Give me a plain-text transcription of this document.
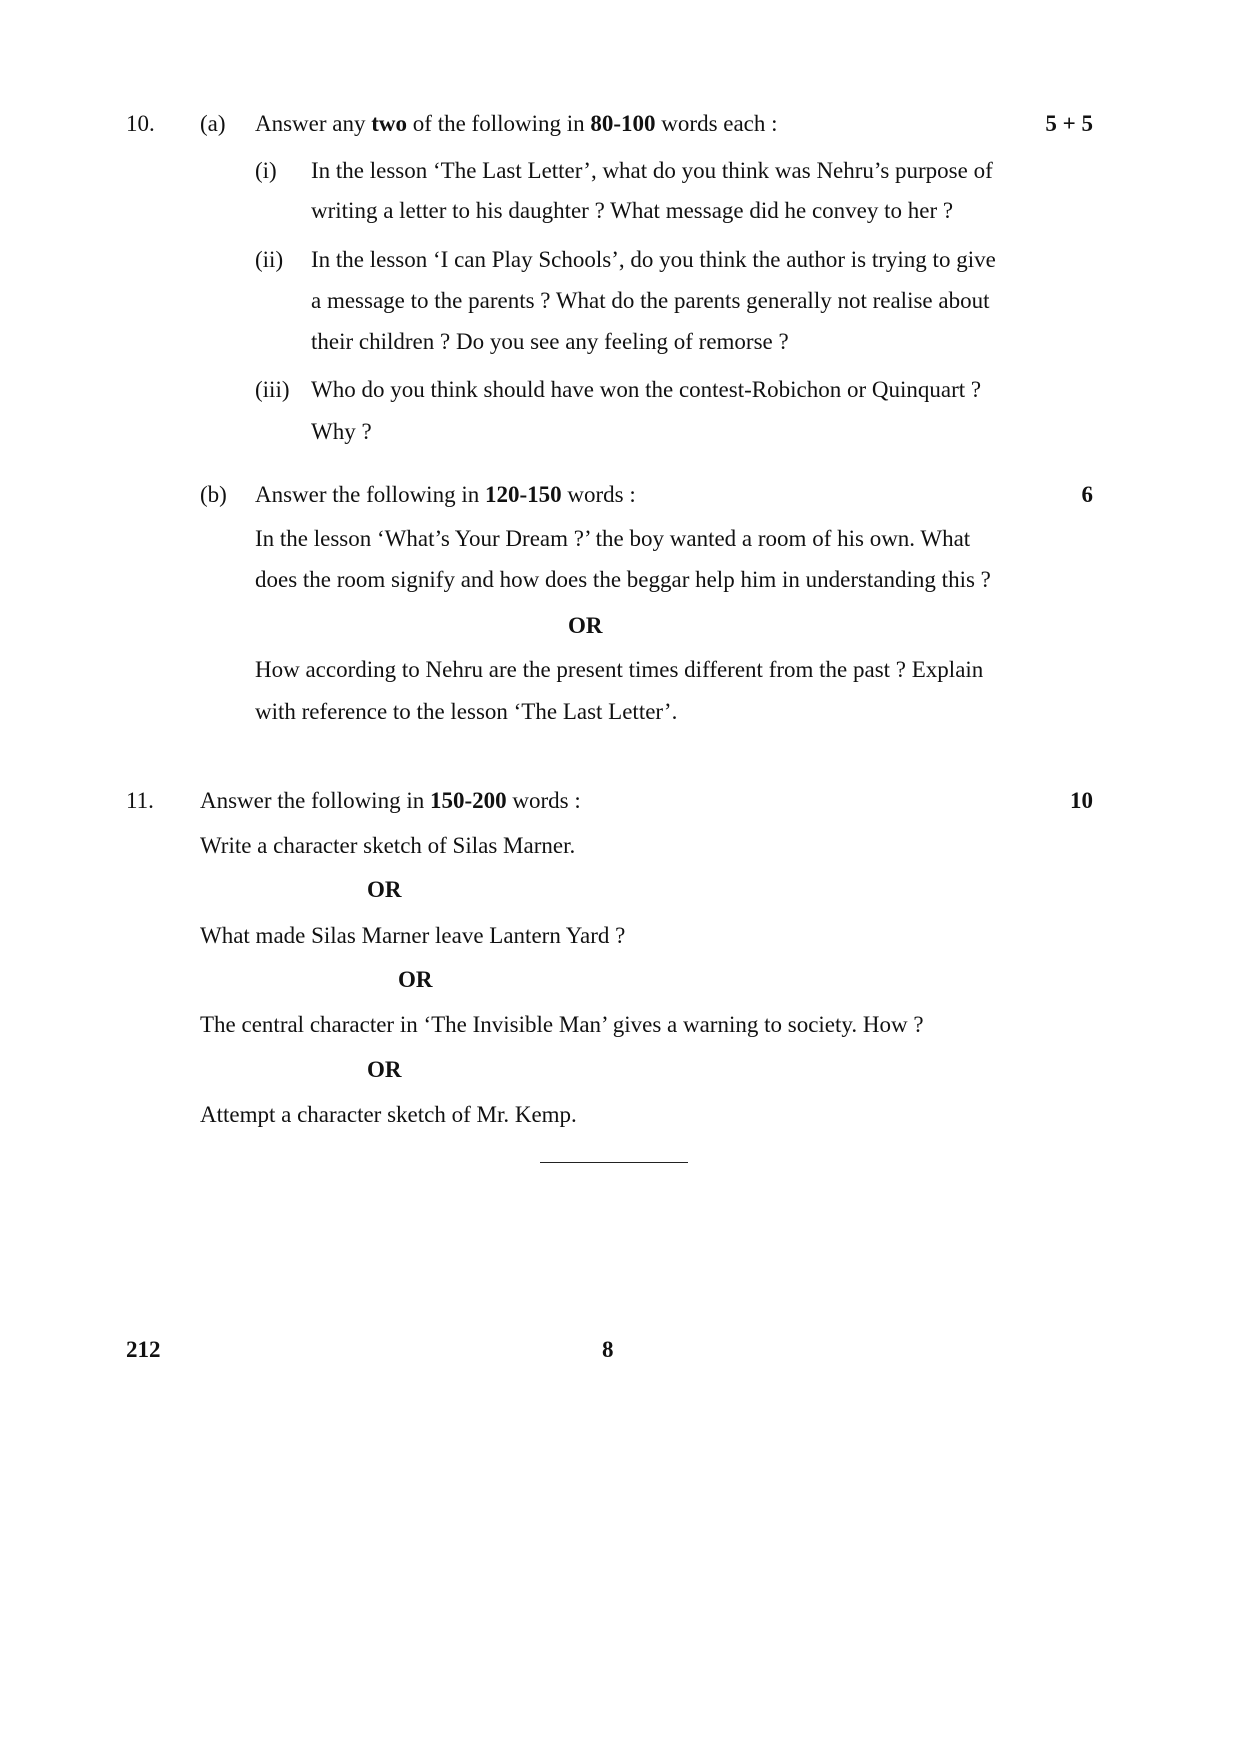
10. (a) Answer any two of the following in 80-100 words each :	5 + 5
(i) In the lesson ‘The Last Letter’, what do you think was Nehru’s purpose of
writing a letter to his daughter ? What message did he convey to her ?
(ii) In the lesson ‘I can Play Schools’, do you think the author is trying to give
a message to the parents ? What do the parents generally not realise about
their children ? Do you see any feeling of remorse ?
(iii) Who do you think should have won the contest-Robichon or Quinquart ?
Why ?
(b) Answer the following in 120-150 words :	6
In the lesson ‘What’s Your Dream ?’ the boy wanted a room of his own. What
does the room signify and how does the beggar help him in understanding this ?
OR
How according to Nehru are the present times different from the past ? Explain
with reference to the lesson ‘The Last Letter’.
11. Answer the following in 150-200 words :	10
Write a character sketch of Silas Marner.
OR
What made Silas Marner leave Lantern Yard ?
OR
The central character in ‘The Invisible Man’ gives a warning to society. How ?
OR
Attempt a character sketch of Mr. Kemp.
212	8
